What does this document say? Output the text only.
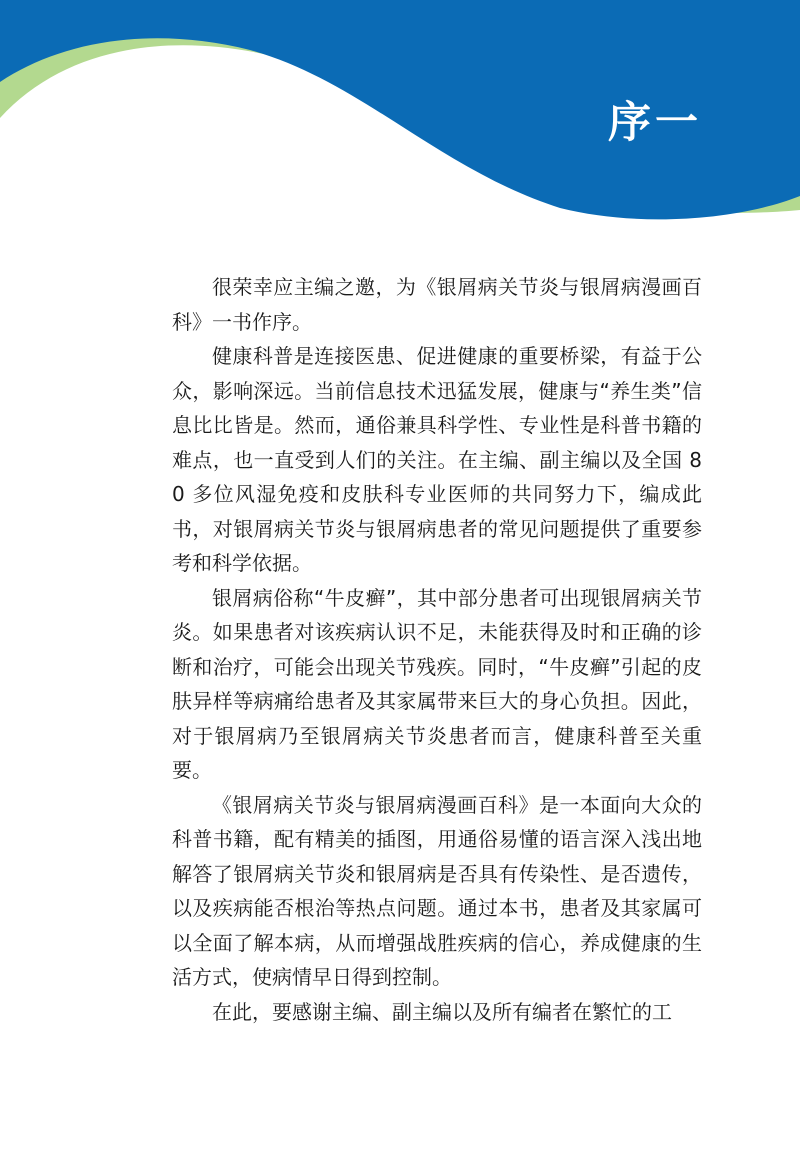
序一

很荣幸应主编之邀，为《银屑病关节炎与银屑病漫画百科》一书作序。

健康科普是连接医患、促进健康的重要桥梁，有益于公众，影响深远。当前信息技术迅猛发展，健康与“养生类”信息比比皆是。然而，通俗兼具科学性、专业性是科普书籍的难点，也一直受到人们的关注。在主编、副主编以及全国 80 多位风湿免疫和皮肤科专业医师的共同努力下，编成此书，对银屑病关节炎与银屑病患者的常见问题提供了重要参考和科学依据。

银屑病俗称“牛皮癣”，其中部分患者可出现银屑病关节炎。如果患者对该疾病认识不足，未能获得及时和正确的诊断和治疗，可能会出现关节残疾。同时，“牛皮癣”引起的皮肤异样等病痛给患者及其家属带来巨大的身心负担。因此，对于银屑病乃至银屑病关节炎患者而言，健康科普至关重要。

《银屑病关节炎与银屑病漫画百科》是一本面向大众的科普书籍，配有精美的插图，用通俗易懂的语言深入浅出地解答了银屑病关节炎和银屑病是否具有传染性、是否遗传，以及疾病能否根治等热点问题。通过本书，患者及其家属可以全面了解本病，从而增强战胜疾病的信心，养成健康的生活方式，使病情早日得到控制。

在此，要感谢主编、副主编以及所有编者在繁忙的工
